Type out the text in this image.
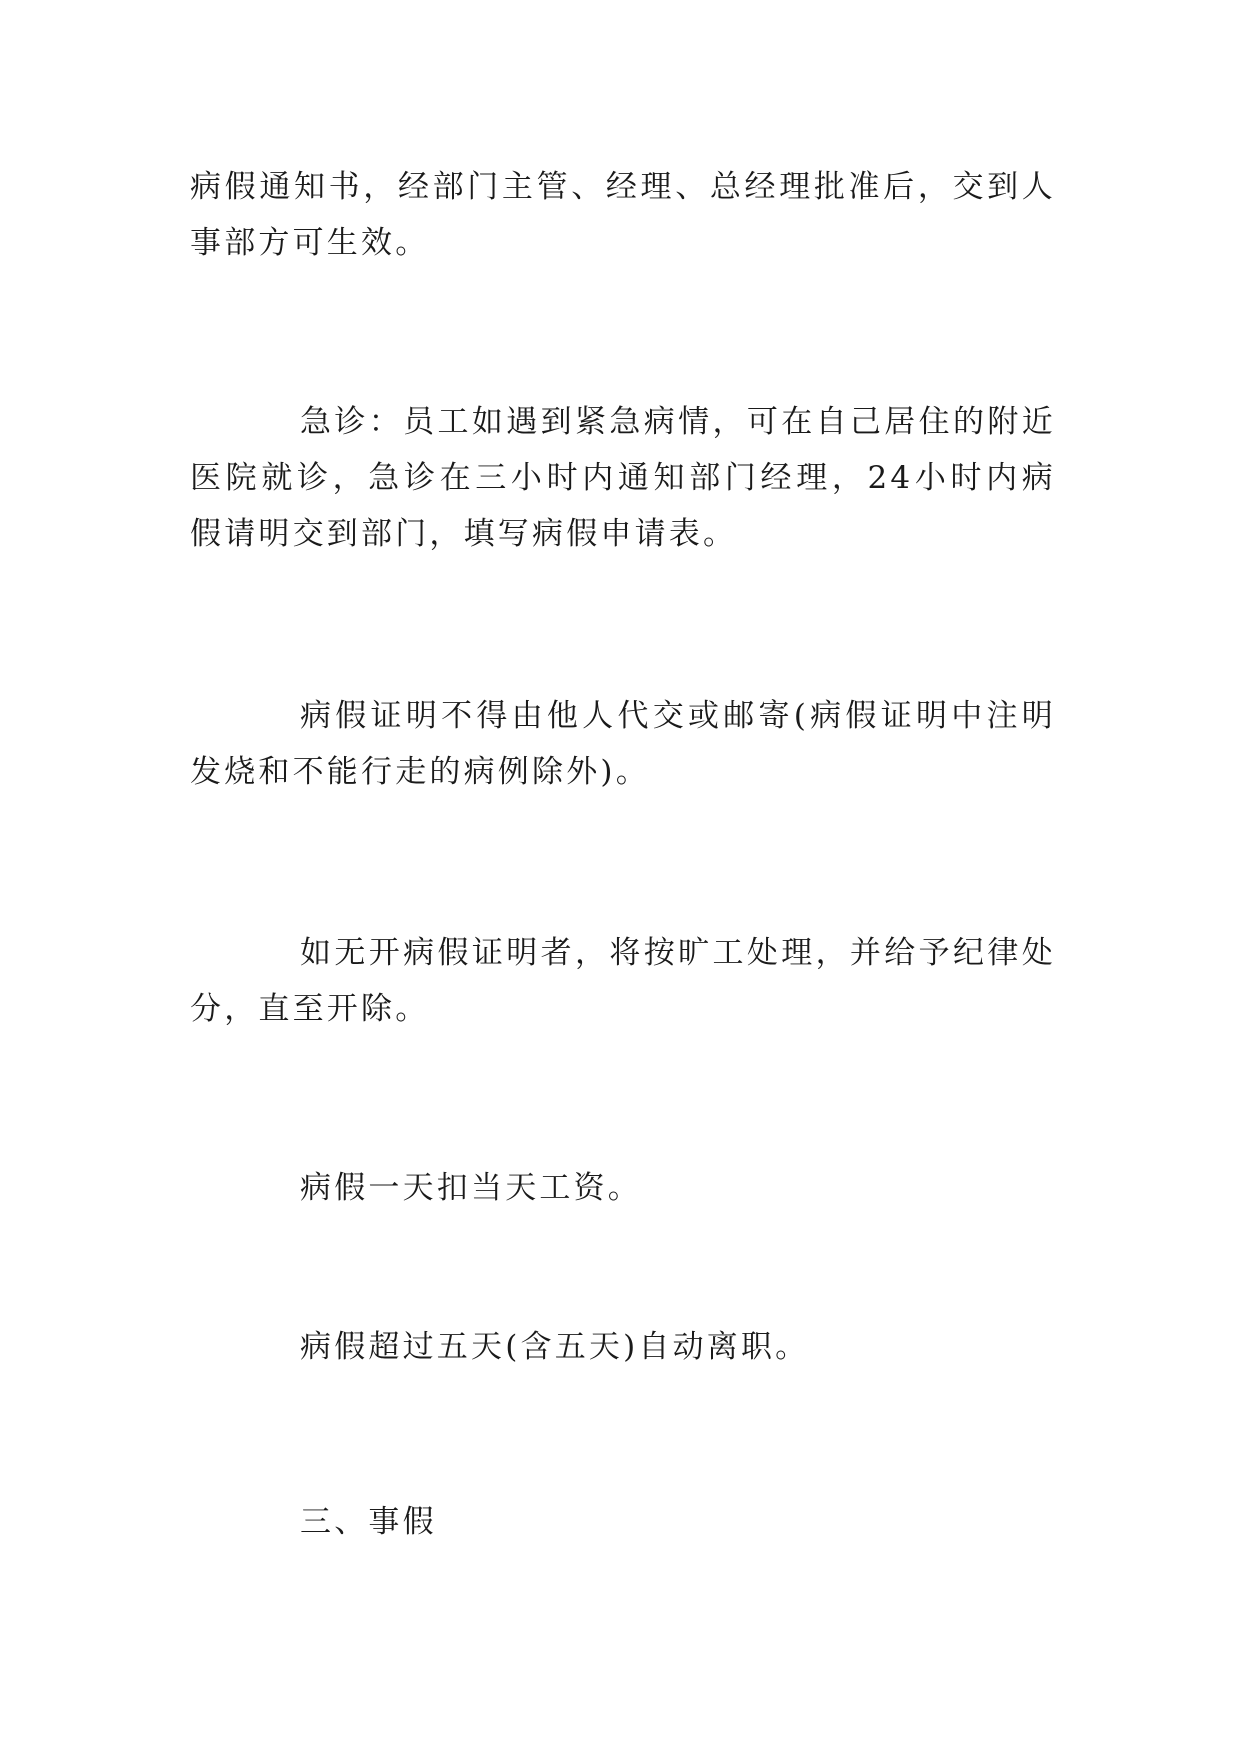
病假通知书，经部门主管、经理、总经理批准后，交到人事部方可生效。

急诊：员工如遇到紧急病情，可在自己居住的附近医院就诊，急诊在三小时内通知部门经理，24小时内病假请明交到部门，填写病假申请表。

病假证明不得由他人代交或邮寄(病假证明中注明发烧和不能行走的病例除外)。

如无开病假证明者，将按旷工处理，并给予纪律处分，直至开除。

病假一天扣当天工资。

病假超过五天(含五天)自动离职。

三、事假
